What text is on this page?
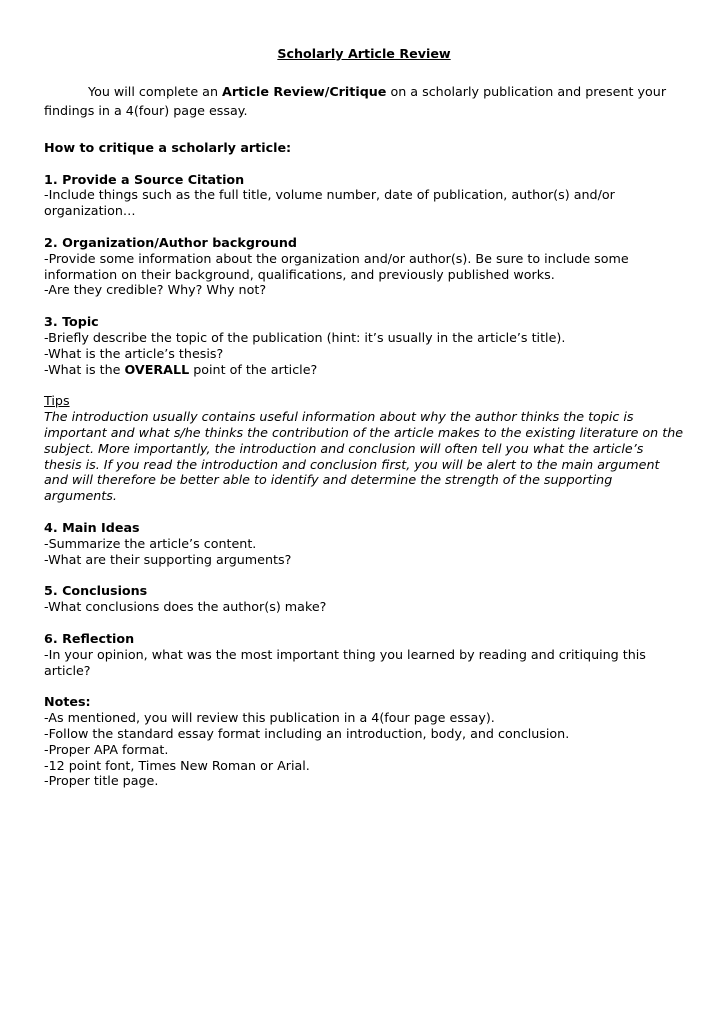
Scholarly Article Review

You will complete an Article Review/Critique on a scholarly publication and present your findings in a 4(four) page essay.

How to critique a scholarly article:

1. Provide a Source Citation

-Include things such as the full title, volume number, date of publication, author(s) and/or organization…

2. Organization/Author background

-Provide some information about the organization and/or author(s). Be sure to include some information on their background, qualifications, and previously published works.

-Are they credible? Why? Why not?

3. Topic

-Briefly describe the topic of the publication (hint: it’s usually in the article’s title).

-What is the article’s thesis?

-What is the OVERALL point of the article?

Tips

The introduction usually contains useful information about why the author thinks the topic is important and what s/he thinks the contribution of the article makes to the existing literature on the subject. More importantly, the introduction and conclusion will often tell you what the article’s thesis is. If you read the introduction and conclusion first, you will be alert to the main argument and will therefore be better able to identify and determine the strength of the supporting arguments.

4. Main Ideas

-Summarize the article’s content.

-What are their supporting arguments?

5. Conclusions

-What conclusions does the author(s) make?

6. Reflection

-In your opinion, what was the most important thing you learned by reading and critiquing this article?

Notes:

-As mentioned, you will review this publication in a 4(four page essay).

-Follow the standard essay format including an introduction, body, and conclusion.

-Proper APA format.

-12 point font, Times New Roman or Arial.

-Proper title page.
